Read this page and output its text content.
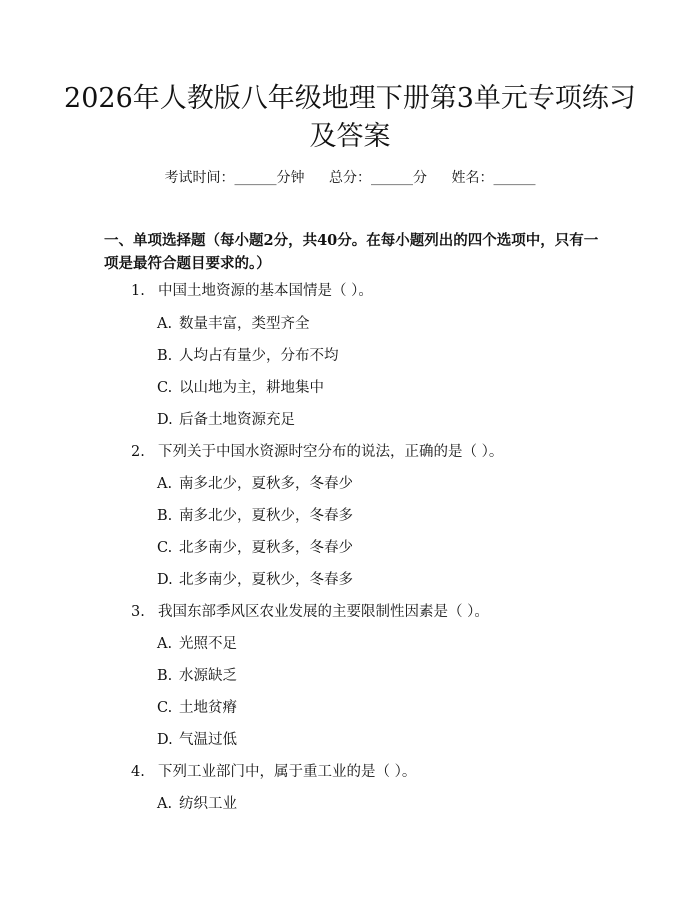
2026年人教版八年级地理下册第3单元专项练习及答案
考试时间：______分钟 总分：______分 姓名：______
一、单项选择题（每小题2分，共40分。在每小题列出的四个选项中，只有一项是最符合题目要求的。）
1. 中国土地资源的基本国情是（ ）。
A. 数量丰富，类型齐全
B. 人均占有量少，分布不均
C. 以山地为主，耕地集中
D. 后备土地资源充足
2. 下列关于中国水资源时空分布的说法，正确的是（ ）。
A. 南多北少，夏秋多，冬春少
B. 南多北少，夏秋少，冬春多
C. 北多南少，夏秋多，冬春少
D. 北多南少，夏秋少，冬春多
3. 我国东部季风区农业发展的主要限制性因素是（ ）。
A. 光照不足
B. 水源缺乏
C. 土地贫瘠
D. 气温过低
4. 下列工业部门中，属于重工业的是（ ）。
A. 纺织工业
